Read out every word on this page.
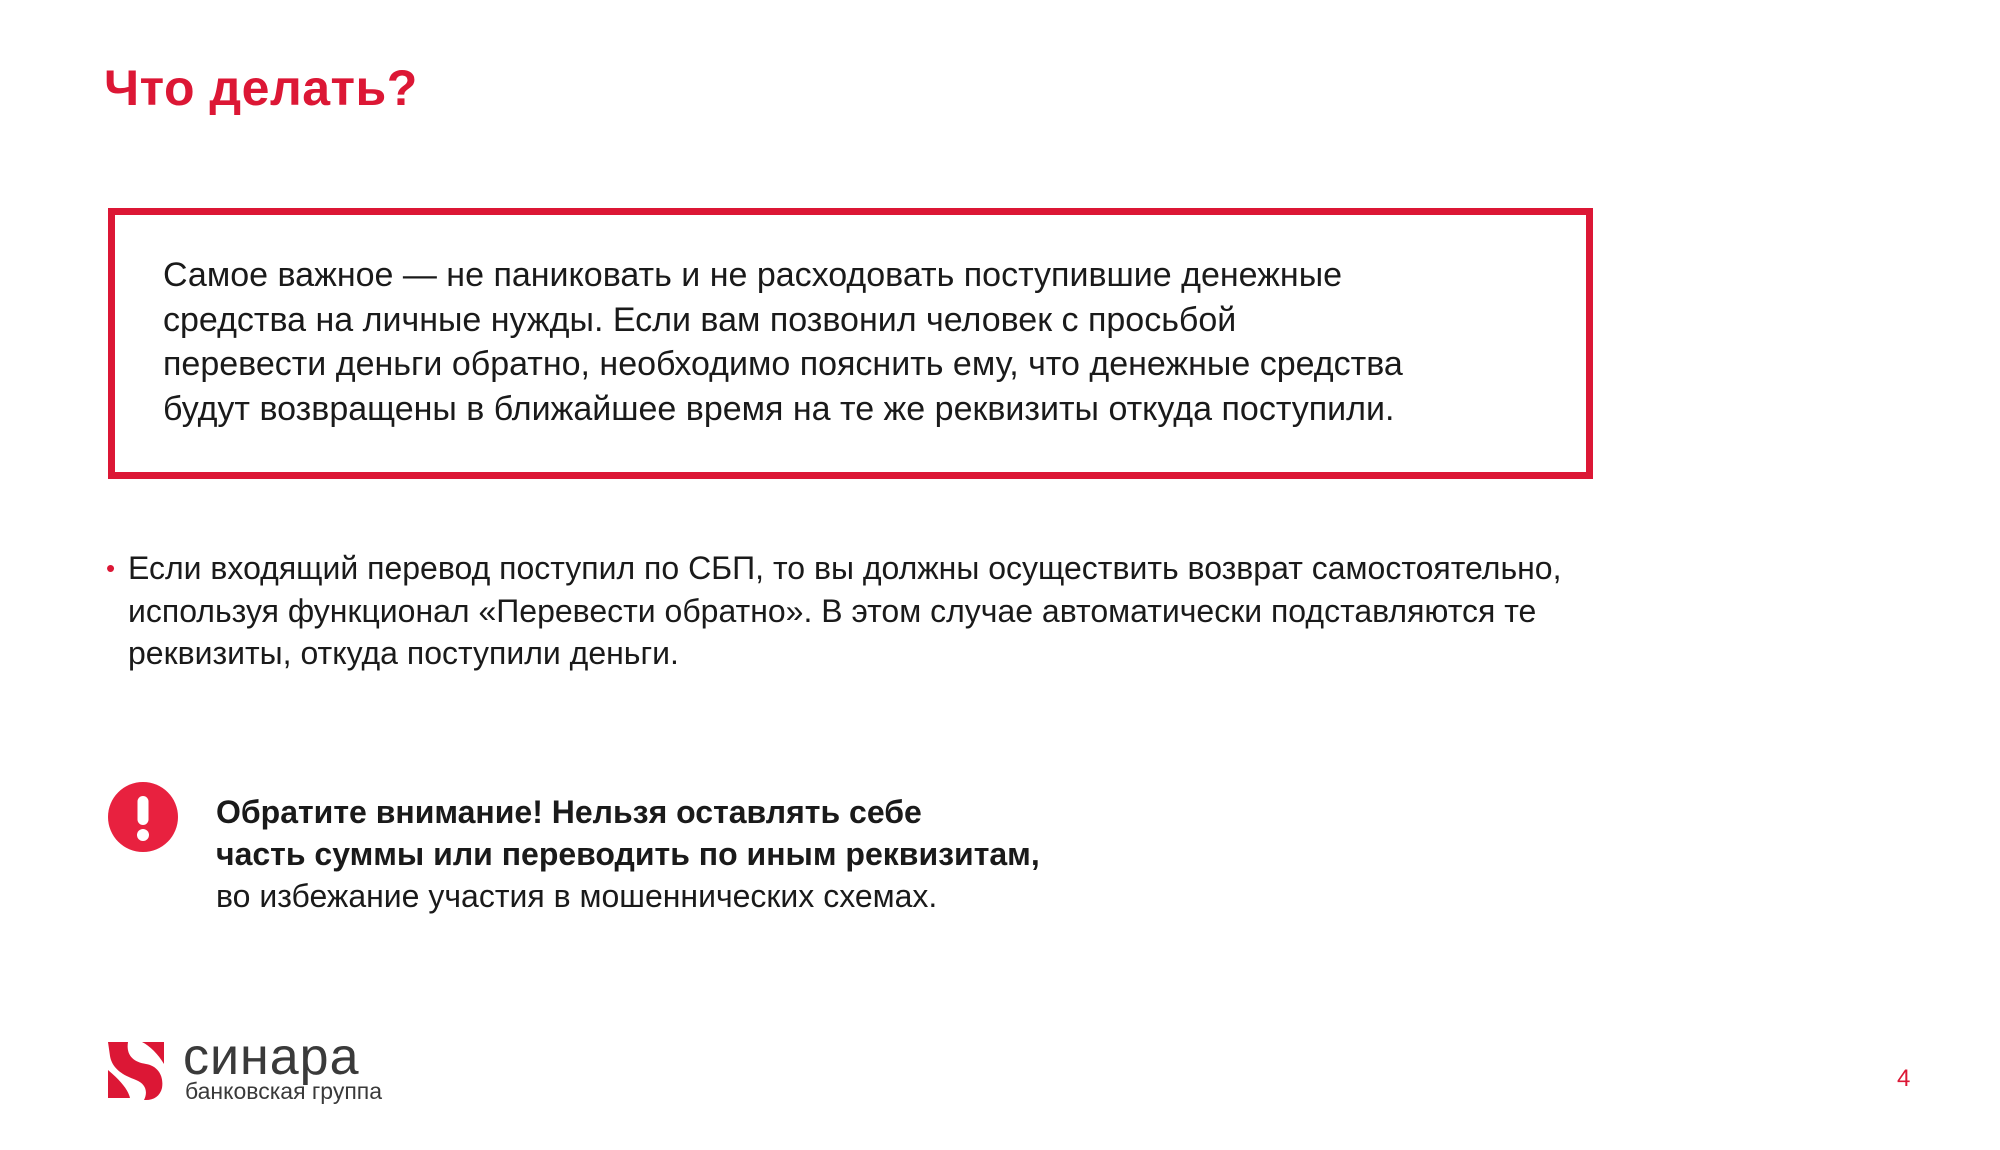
Что делать?
Самое важное — не паниковать и не расходовать поступившие денежные
средства на личные нужды. Если вам позвонил человек с просьбой
перевести деньги обратно, необходимо пояснить ему, что денежные средства
будут возвращены в ближайшее время на те же реквизиты откуда поступили.
• Если входящий перевод поступил по СБП, то вы должны осуществить возврат самостоятельно,
используя функционал «Перевести обратно». В этом случае автоматически подставляются те
реквизиты, откуда поступили деньги.
Обратите внимание! Нельзя оставлять себе
часть суммы или переводить по иным реквизитам,
во избежание участия в мошеннических схемах.
синара
банковская группа	4
